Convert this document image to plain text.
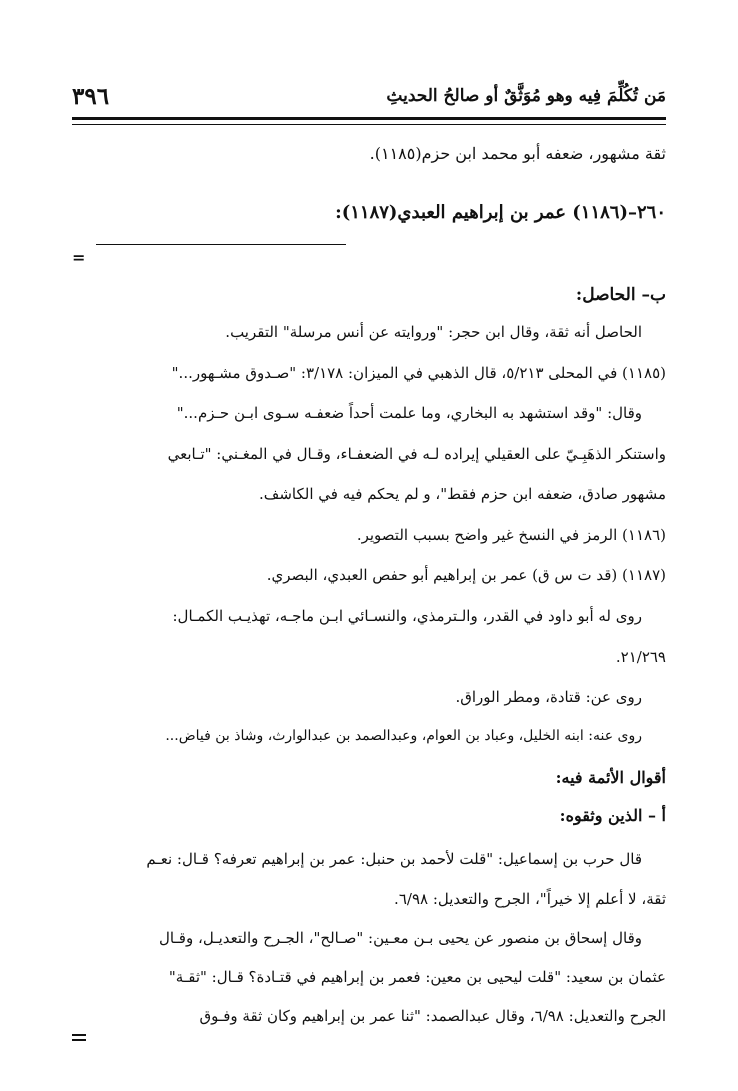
مَن تُكُلِّمَ فِيه وهو مُوَثَّقٌ أو صالحُ الحديثِ
٣٩٦
ثقة مشهور، ضعفه أبو محمد ابن حزم(١١٨٥).
٢٦٠–(١١٨٦) عمر بن إبراهيم العبدي(١١٨٧):
=
ب– الحاصل:
الحاصل أنه ثقة، وقال ابن حجر: "وروايته عن أنس مرسلة" التقريب.
(١١٨٥) في المحلى ٥/٢١٣، قال الذهبي في الميزان: ٣/١٧٨: "صـدوق مشـهور..."
وقال: "وقد استشهد به البخاري، وما علمت أحداً ضعفـه سـوى ابـن حـزم..."
واستنكر الذهَبِـيّ على العقيلي إيراده لـه في الضعفـاء، وقـال في المغـني: "تـابعي
مشهور صادق، ضعفه ابن حزم فقط"، و لم يحكم فيه في الكاشف.
(١١٨٦) الرمز في النسخ غير واضح بسبب التصوير.
(١١٨٧) (قد ت س ق) عمر بن إبراهيم أبو حفص العبدي، البصري.
روى له أبو داود في القدر، والـترمذي، والنسـائي ابـن ماجـه، تهذيـب الكمـال:
٢١/٢٦٩.
روى عن: قتادة، ومطر الوراق.
روى عنه: ابنه الخليل، وعباد بن العوام، وعبدالصمد بن عبدالوارث، وشاذ بن فياض...
أقوال الأئمة فيه:
أ – الذين وثقوه:
قال حرب بن إسماعيل: "قلت لأحمد بن حنبل: عمر بن إبراهيم تعرفه؟ قـال: نعـم
ثقة، لا أعلم إلا خيراً"، الجرح والتعديل: ٦/٩٨.
وقال إسحاق بن منصور عن يحيى بـن معـين: "صـالح"، الجـرح والتعديـل، وقـال
عثمان بن سعيد: "قلت ليحيى بن معين: فعمر بن إبراهيم في قتـادة؟ قـال: "ثقـة"
الجرح والتعديل: ٦/٩٨، وقال عبدالصمد: "ثنا عمر بن إبراهيم وكان ثقة وفـوق
